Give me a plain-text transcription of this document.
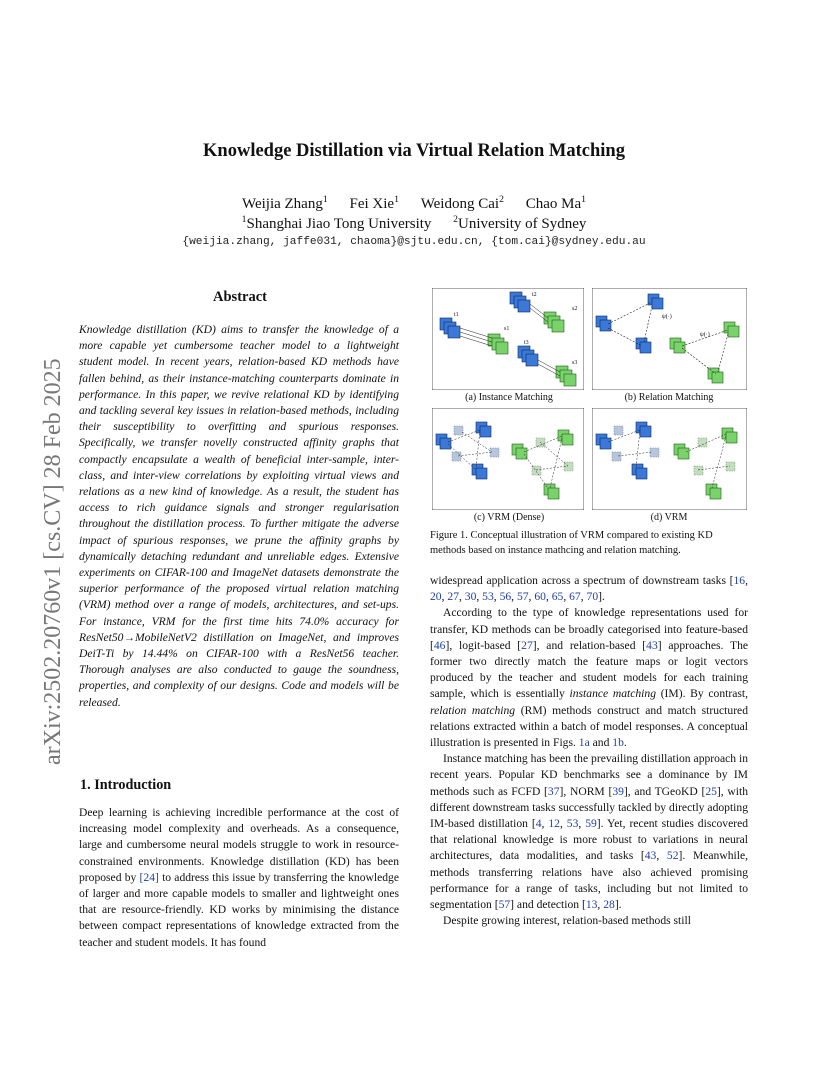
arXiv:2502.20760v1 [cs.CV] 28 Feb 2025
Knowledge Distillation via Virtual Relation Matching
Weijia Zhang$^1$ Fei Xie$^1$ Weidong Cai$^2$ Chao Ma$^1$
$^1$Shanghai Jiao Tong University $^2$University of Sydney
{weijia.zhang, jaffe031, chaoma}@sjtu.edu.cn, {tom.cai}@sydney.edu.au
Abstract
Knowledge distillation (KD) aims to transfer the knowledge of a more capable yet cumbersome teacher model to a lightweight student model. In recent years, relation-based KD methods have fallen behind, as their instance-matching counterparts dominate in performance. In this paper, we revive relational KD by identifying and tackling several key issues in relation-based methods, including their susceptibility to overfitting and spurious responses. Specifically, we transfer novelly constructed affinity graphs that compactly encapsulate a wealth of beneficial inter-sample, inter-class, and inter-view correlations by exploiting virtual views and relations as a new kind of knowledge. As a result, the student has access to rich guidance signals and stronger regularisation throughout the distillation process. To further mitigate the adverse impact of spurious responses, we prune the affinity graphs by dynamically detaching redundant and unreliable edges. Extensive experiments on CIFAR-100 and ImageNet datasets demonstrate the superior performance of the proposed virtual relation matching (VRM) method over a range of models, architectures, and set-ups. For instance, VRM for the first time hits 74.0% accuracy for ResNet50→MobileNetV2 distillation on ImageNet, and improves DeiT-Ti by 14.44% on CIFAR-100 with a ResNet56 teacher. Thorough analyses are also conducted to gauge the soundness, properties, and complexity of our designs. Code and models will be released.
1. Introduction

Deep learning is achieving incredible performance at the cost of increasing model complexity and overheads. As a consequence, large and cumbersome neural models struggle to work in resource-constrained environments. Knowledge distillation (KD) has been proposed by [24] to address this issue by transferring the knowledge of larger and more capable models to smaller and lightweight ones that are resource-friendly. KD works by minimising the distance between compact representations of knowledge extracted from the teacher and student models. It has found

t1
t2
t3
s1
s2
s3
(a) Instance Matching
ψ(·)
ψ(·)
(b) Relation Matching
(c) VRM (Dense)	(d) VRM
Figure 1. Conceptual illustration of VRM compared to existing KD methods based on instance mathcing and relation matching.

widespread application across a spectrum of downstream tasks [16, 20, 27, 30, 53, 56, 57, 60, 65, 67, 70].

According to the type of knowledge representations used for transfer, KD methods can be broadly categorised into feature-based [46], logit-based [27], and relation-based [43] approaches. The former two directly match the feature maps or logit vectors produced by the teacher and student models for each training sample, which is essentially instance matching (IM). By contrast, relation matching (RM) methods construct and match structured relations extracted within a batch of model responses. A conceptual illustration is presented in Figs. 1a and 1b.

Instance matching has been the prevailing distillation approach in recent years. Popular KD benchmarks see a dominance by IM methods such as FCFD [37], NORM [39], and TGeoKD [25], with different downstream tasks successfully tackled by directly adopting IM-based distillation [4, 12, 53, 59]. Yet, recent studies discovered that relational knowledge is more robust to variations in neural architectures, data modalities, and tasks [43, 52]. Meanwhile, methods transferring relations have also achieved promising performance for a range of tasks, including but not limited to segmentation [57] and detection [13, 28].

Despite growing interest, relation-based methods still
